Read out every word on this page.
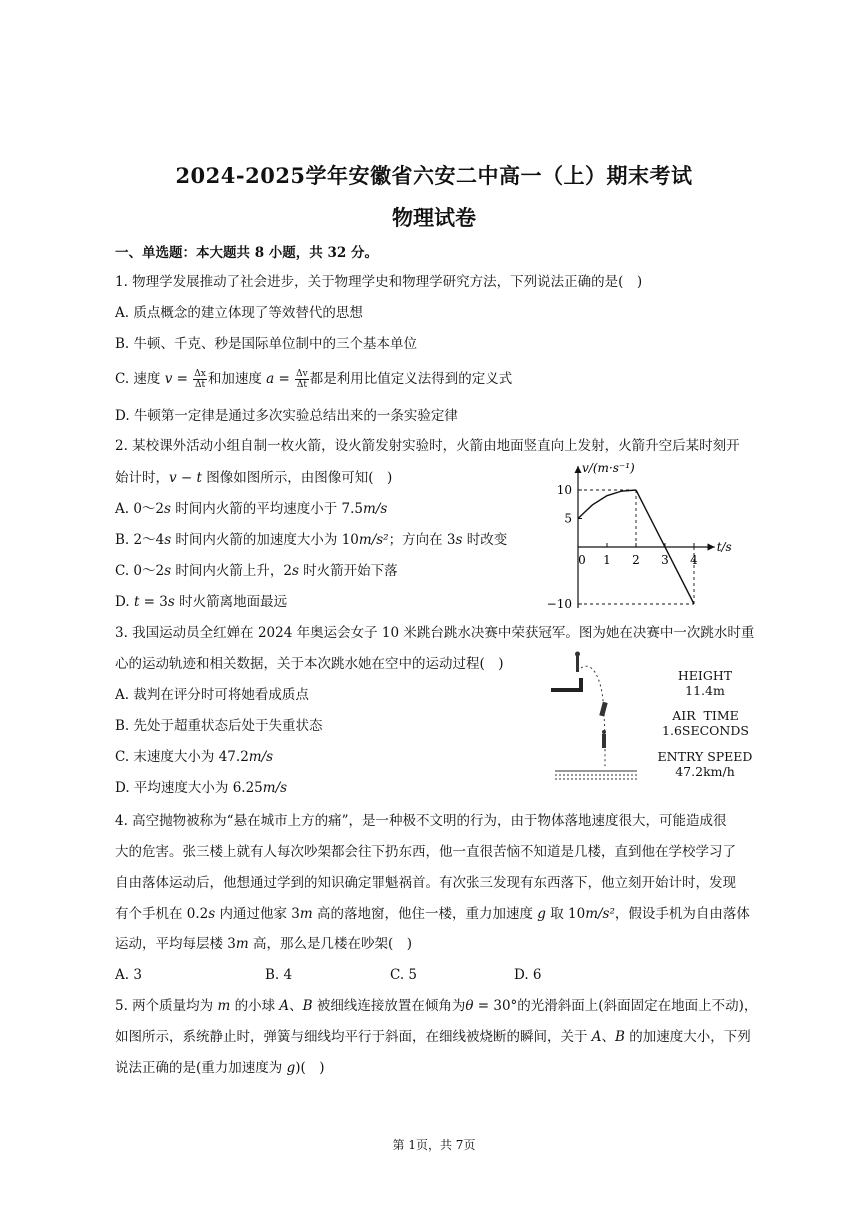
2024-2025学年安徽省六安二中高一（上）期末考试
物理试卷
一、单选题：本大题共 8 小题，共 32 分。
1. 物理学发展推动了社会进步，关于物理学史和物理学研究方法，下列说法正确的是(　)
A. 质点概念的建立体现了等效替代的思想
B. 牛顿、千克、秒是国际单位制中的三个基本单位
C. 速度 $v = \frac{\Delta x}{\Delta t}$ 和加速度 $a = \frac{\Delta v}{\Delta t}$ 都是利用比值定义法得到的定义式
D. 牛顿第一定律是通过多次实验总结出来的一条实验定律
2. 某校课外活动小组自制一枚火箭，设火箭发射实验时，火箭由地面竖直向上发射，火箭升空后某时刻开
始计时，v − t 图像如图所示，由图像可知(　)
A. 0～2s 时间内火箭的平均速度小于 7.5m/s
B. 2～4s 时间内火箭的加速度大小为 10m/s²；方向在 3s 时改变
C. 0～2s 时间内火箭上升，2s 时火箭开始下落
D. t = 3s 时火箭离地面最远
v/(m·s⁻¹)
t/s
0 1 2 3 4
10
5
−10
3. 我国运动员全红婵在 2024 年奥运会女子 10 米跳台跳水决赛中荣获冠军。图为她在决赛中一次跳水时重
心的运动轨迹和相关数据，关于本次跳水她在空中的运动过程(　)
A. 裁判在评分时可将她看成质点
B. 先处于超重状态后处于失重状态
C. 末速度大小为 47.2m/s
D. 平均速度大小为 6.25m/s
HEIGHT
11.4m
AIR  TIME
1.6SECONDS
ENTRY SPEED
47.2km/h
4. 高空抛物被称为“悬在城市上方的痛”，是一种极不文明的行为，由于物体落地速度很大，可能造成很
大的危害。张三楼上就有人每次吵架都会往下扔东西，他一直很苦恼不知道是几楼，直到他在学校学习了
自由落体运动后，他想通过学到的知识确定罪魁祸首。有次张三发现有东西落下，他立刻开始计时，发现
有个手机在 0.2s 内通过他家 3m 高的落地窗，他住一楼，重力加速度 g 取 10m/s²，假设手机为自由落体
运动，平均每层楼 3m 高，那么是几楼在吵架(　)
A. 3	B. 4	C. 5	D. 6
5. 两个质量均为 m 的小球 A、B 被细线连接放置在倾角为θ = 30°的光滑斜面上(斜面固定在地面上不动)，
如图所示，系统静止时，弹簧与细线均平行于斜面，在细线被烧断的瞬间，关于 A、B 的加速度大小，下列
说法正确的是(重力加速度为 g)(　)
第 1页，共 7页
